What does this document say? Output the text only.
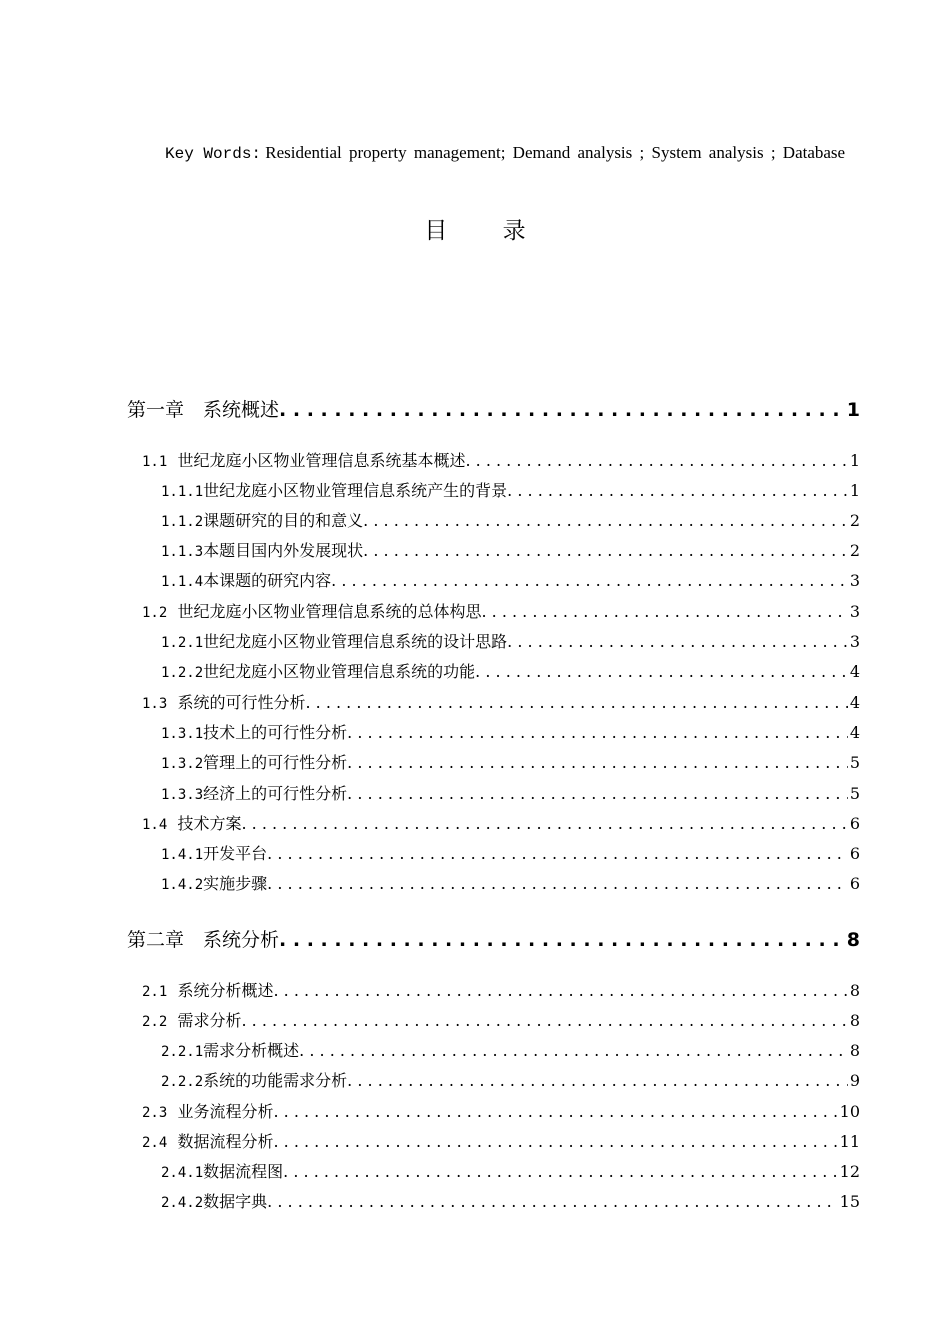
Key Words: Residential property management; Demand analysis ; System analysis ; Database
目 录
第一章　 系统概述 . . .	1
1.1 世纪龙庭小区物业管理信息系统基本概述 . . .	1
1.1.1世纪龙庭小区物业管理信息系统产生的背景 . . .	1
1.1.2课题研究的目的和意义 . . .	2
1.1.3本题目国内外发展现状 . . .	2
1.1.4本课题的研究内容 . . .	3
1.2 世纪龙庭小区物业管理信息系统的总体构思 . . .	3
1.2.1世纪龙庭小区物业管理信息系统的设计思路 . . .	3
1.2.2世纪龙庭小区物业管理信息系统的功能 . . .	4
1.3 系统的可行性分析 . . .	4
1.3.1技术上的可行性分析 . . .	4
1.3.2管理上的可行性分析 . . .	5
1.3.3经济上的可行性分析 . . .	5
1.4 技术方案 . . .	6
1.4.1开发平台 . . .	6
1.4.2实施步骤 . . .	6
第二章　 系统分析 . . .	8
2.1 系统分析概述 . . .	8
2.2 需求分析 . . .	8
2.2.1需求分析概述 . . .	8
2.2.2系统的功能需求分析 . . .	9
2.3 业务流程分析 . . .	10
2.4 数据流程分析 . . .	11
2.4.1数据流程图 . . .	12
2.4.2数据字典 . . .	15
